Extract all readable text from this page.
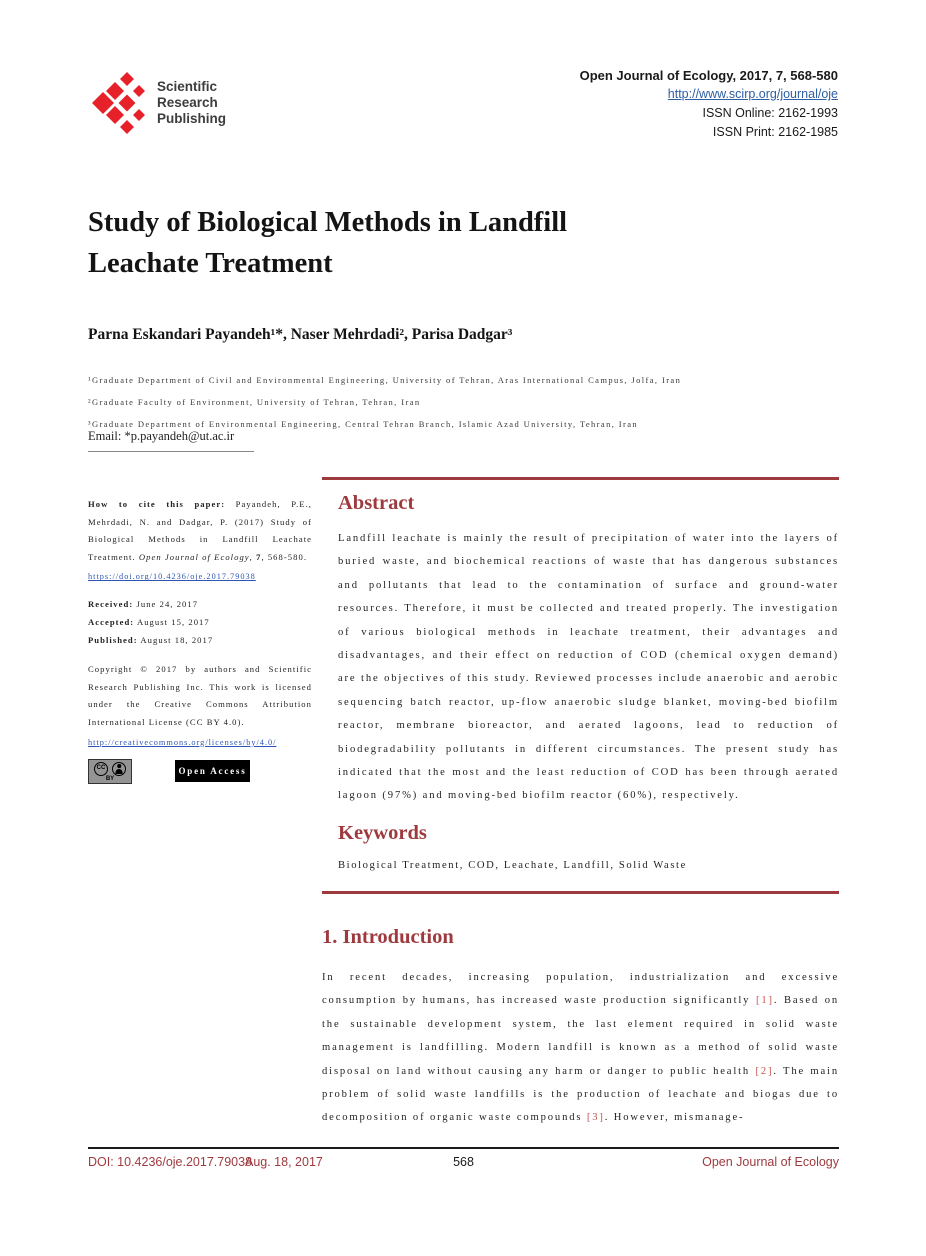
Scientific
Research
Publishing
Open Journal of Ecology, 2017, 7, 568-580
http://www.scirp.org/journal/oje
ISSN Online: 2162-1993
ISSN Print: 2162-1985
Study of Biological Methods in Landfill
Leachate Treatment
Parna Eskandari Payandeh¹*, Naser Mehrdadi², Parisa Dadgar³
¹Graduate Department of Civil and Environmental Engineering, University of Tehran, Aras International Campus, Jolfa, Iran
²Graduate Faculty of Environment, University of Tehran, Tehran, Iran
³Graduate Department of Environmental Engineering, Central Tehran Branch, Islamic Azad University, Tehran, Iran
Email: *p.payandeh@ut.ac.ir

How to cite this paper: Payandeh, P.E., Mehrdadi, N. and Dadgar, P. (2017) Study of Biological Methods in Landfill Leachate Treatment. Open Journal of Ecology, 7, 568-580.

https://doi.org/10.4236/oje.2017.79038

Received: June 24, 2017

Accepted: August 15, 2017

Published: August 18, 2017

Copyright © 2017 by authors and Scientific Research Publishing Inc. This work is licensed under the Creative Commons Attribution International License (CC BY 4.0).

http://creativecommons.org/licenses/by/4.0/
CC
BY
Open Access
Abstract
Landfill leachate is mainly the result of precipitation of water into the layers of buried waste, and biochemical reactions of waste that has dangerous substances and pollutants that lead to the contamination of surface and ground-water resources. Therefore, it must be collected and treated properly. The investigation of various biological methods in leachate treatment, their advantages and disadvantages, and their effect on reduction of COD (chemical oxygen demand) are the objectives of this study. Reviewed processes include anaerobic and aerobic sequencing batch reactor, up-flow anaerobic sludge blanket, moving-bed biofilm reactor, membrane bioreactor, and aerated lagoons, lead to reduction of biodegradability pollutants in different circumstances. The present study has indicated that the most and the least reduction of COD has been through aerated lagoon (97%) and moving-bed biofilm reactor (60%), respectively.
Keywords
Biological Treatment, COD, Leachate, Landfill, Solid Waste
1. Introduction
In recent decades, increasing population, industrialization and excessive consumption by humans, has increased waste production significantly [1]. Based on the sustainable development system, the last element required in solid waste management is landfilling. Modern landfill is known as a method of solid waste disposal on land without causing any harm or danger to public health [2]. The main problem of solid waste landfills is the production of leachate and biogas due to decomposition of organic waste compounds [3]. However, mismanage-
DOI: 10.4236/oje.2017.79038
Aug. 18, 2017	568	Open Journal of Ecology
